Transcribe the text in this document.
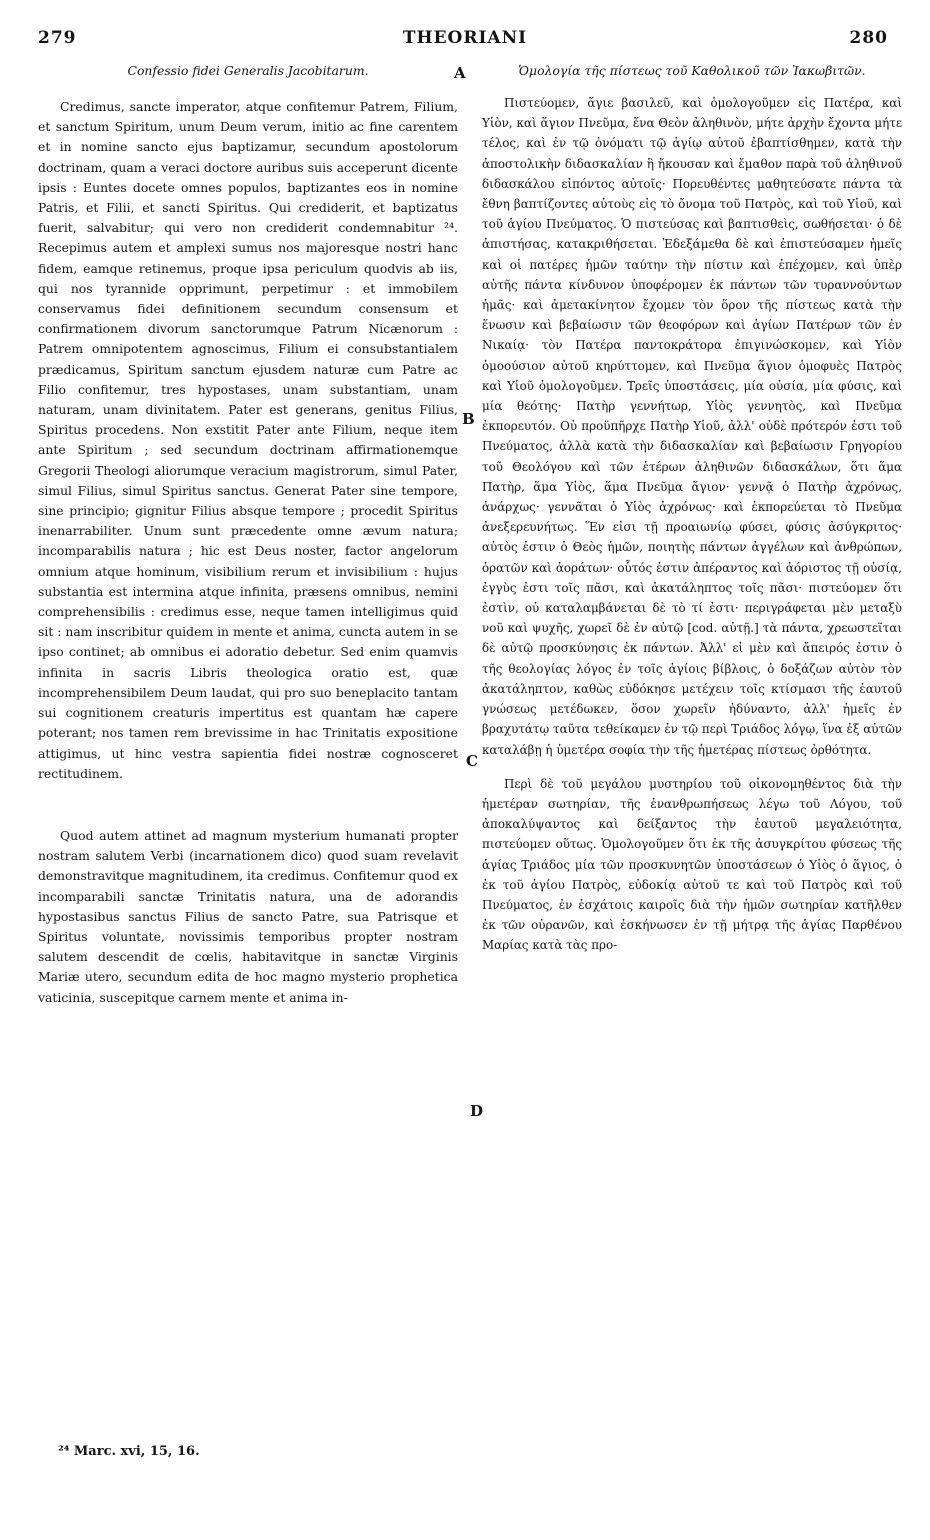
279	THEORIANI	280
Confessio fidei Generalis Jacobitarum.

Credimus, sancte imperator, atque confitemur Patrem, Filium, et sanctum Spiritum, unum Deum verum, initio ac fine carentem et in nomine sancto ejus baptizamur, secundum apostolorum doctrinam, quam a veraci doctore auribus suis acceperunt dicente ipsis : Euntes docete omnes populos, baptizantes eos in nomine Patris, et Filii, et sancti Spiritus. Qui crediderit, et baptizatus fuerit, salvabitur; qui vero non crediderit condemnabitur ²⁴. Recepimus autem et amplexi sumus nos majoresque nostri hanc fidem, eamque retinemus, proque ipsa periculum quodvis ab iis, qui nos tyrannide opprimunt, perpetimur : et immobilem conservamus fidei definitionem secundum consensum et confirmationem divorum sanctorumque Patrum Nicænorum : Patrem omnipotentem agnoscimus, Filium ei consubstantialem prædicamus, Spiritum sanctum ejusdem naturæ cum Patre ac Filio confitemur, tres hypostases, unam substantiam, unam naturam, unam divinitatem. Pater est generans, genitus Filius, Spiritus procedens. Non exstitit Pater ante Filium, neque item ante Spiritum ; sed secundum doctrinam affirmationemque Gregorii Theologi aliorumque veracium magistrorum, simul Pater, simul Filius, simul Spiritus sanctus. Generat Pater sine tempore, sine principio; gignitur Filius absque tempore ; procedit Spiritus inenarrabiliter. Unum sunt præcedente omne ævum natura; incomparabilis natura ; hic est Deus noster, factor angelorum omnium atque hominum, visibilium rerum et invisibilium : hujus substantia est interminа atque infinita, præsens omnibus, nemini comprehensibilis : credimus esse, neque tamen intelligimus quid sit : nam inscribitur quidem in mente et anima, cuncta autem in se ipso continet; ab omnibus ei adoratio debetur. Sed enim quamvis infinita in sacris Libris theologica oratio est, quæ incomprehensibilem Deum laudat, qui pro suo beneplacito tantam sui cognitionem creaturis impertitus est quantam hæ capere poterant; nos tamen rem brevissime in hac Trinitatis expositione attigimus, ut hinc vestra sapientia fidei nostræ cognosceret rectitudinem.

Quod autem attinet ad magnum mysterium humanati propter nostram salutem Verbi (incarnationem dico) quod suam revelavit demonstravitque magnitudinem, ita credimus. Confitemur quod ex incomparabili sanctæ Trinitatis natura, una de adorandis hypostasibus sanctus Filius de sancto Patre, sua Patrisque et Spiritus voluntate, novissimis temporibus propter nostram salutem descendit de cœlis, habitavitque in sanctæ Virginis Mariæ utero, secundum edita de hoc magno mysterio prophetica vaticinia, suscepitque carnem mente et anima in-

Ὁμολογία τῆς πίστεως τοῦ Καθολικοῦ τῶν Ἰακωβιτῶν.

Πιστεύομεν, ἅγιε βασιλεῦ, καὶ ὁμολογοῦμεν εἰς Πατέρα, καὶ Υἱὸν, καὶ ἅγιον Πνεῦμα, ἕνα Θεὸν ἀληθινὸν, μήτε ἀρχὴν ἔχοντα μήτε τέλος, καὶ ἐν τῷ ὀνόματι τῷ ἁγίῳ αὐτοῦ ἐβαπτίσθημεν, κατὰ τὴν ἀποστολικὴν διδασκαλίαν ἣ ἤκουσαν καὶ ἔμαθον παρὰ τοῦ ἀληθινοῦ διδασκάλου εἰπόντος αὐτοῖς· Πορευθέντες μαθητεύσατε πάντα τὰ ἔθνη βαπτίζοντες αὐτοὺς εἰς τὸ ὄνομα τοῦ Πατρὸς, καὶ τοῦ Υἱοῦ, καὶ τοῦ ἁγίου Πνεύματος. Ὁ πιστεύσας καὶ βαπτισθεὶς, σωθήσεται· ὁ δὲ ἀπιστήσας, κατακριθήσεται. Ἐδεξάμεθα δὲ καὶ ἐπιστεύσαμεν ἡμεῖς καὶ οἱ πατέρες ἡμῶν ταύτην τὴν πίστιν καὶ ἐπέχομεν, καὶ ὑπὲρ αὐτῆς πάντα κίνδυνον ὑποφέρομεν ἐκ πάντων τῶν τυραννούντων ἡμᾶς· καὶ ἀμετακίνητον ἔχομεν τὸν ὅρον τῆς πίστεως κατὰ τὴν ἕνωσιν καὶ βεβαίωσιν τῶν θεοφόρων καὶ ἁγίων Πατέρων τῶν ἐν Νικαίᾳ· τὸν Πατέρα παντοκράτορα ἐπιγινώσκομεν, καὶ Υἱὸν ὁμοούσιον αὐτοῦ κηρύττομεν, καὶ Πνεῦμα ἅγιον ὁμοφυὲς Πατρὸς καὶ Υἱοῦ ὁμολογοῦμεν. Τρεῖς ὑποστάσεις, μία οὐσία, μία φύσις, καὶ μία θεότης· Πατὴρ γεννήτωρ, Υἱὸς γεννητὸς, καὶ Πνεῦμα ἐκπορευτόν. Οὐ προϋπῆρχε Πατὴρ Υἱοῦ, ἀλλ' οὐδὲ πρότερόν ἐστι τοῦ Πνεύματος, ἀλλὰ κατὰ τὴν διδασκαλίαν καὶ βεβαίωσιν Γρηγορίου τοῦ Θεολόγου καὶ τῶν ἑτέρων ἀληθινῶν διδασκάλων, ὅτι ἅμα Πατὴρ, ἅμα Υἱὸς, ἅμα Πνεῦμα ἅγιον· γεννᾷ ὁ Πατὴρ ἀχρόνως, ἀνάρχως· γεννᾶται ὁ Υἱὸς ἀχρόνως· καὶ ἐκπορεύεται τὸ Πνεῦμα ἀνεξερευνήτως. Ἕν εἰσι τῇ προαιωνίῳ φύσει, φύσις ἀσύγκριτος· αὐτὸς ἐστιν ὁ Θεὸς ἡμῶν, ποιητὴς πάντων ἀγγέλων καὶ ἀνθρώπων, ὁρατῶν καὶ ἀοράτων· οὗτός ἐστιν ἀπέραντος καὶ ἀόριστος τῇ οὐσίᾳ, ἐγγὺς ἐστι τοῖς πᾶσι, καὶ ἀκατάληπτος τοῖς πᾶσι· πιστεύομεν ὅτι ἐστὶν, οὐ καταλαμβάνεται δὲ τὸ τί ἐστι· περιγράφεται μὲν μεταξὺ νοῦ καὶ ψυχῆς, χωρεῖ δὲ ἐν αὐτῷ [cod. αὐτῇ.] τὰ πάντα, χρεωστεῖται δὲ αὐτῷ προσκύνησις ἐκ πάντων. Ἀλλ' εἰ μὲν καὶ ἄπειρός ἐστιν ὁ τῆς θεολογίας λόγος ἐν τοῖς ἁγίοις βίβλοις, ὁ δοξάζων αὐτὸν τὸν ἀκατάληπτον, καθὼς εὐδόκησε μετέχειν τοῖς κτίσμασι τῆς ἑαυτοῦ γνώσεως μετέδωκεν, ὅσον χωρεῖν ἠδύναντο, ἀλλ' ἡμεῖς ἐν βραχυτάτῳ ταῦτα τεθείκαμεν ἐν τῷ περὶ Τριάδος λόγῳ, ἵνα ἐξ αὐτῶν καταλάβῃ ἡ ὑμετέρα σοφία τὴν τῆς ἡμετέρας πίστεως ὀρθότητα.

Περὶ δὲ τοῦ μεγάλου μυστηρίου τοῦ οἰκονομηθέντος διὰ τὴν ἡμετέραν σωτηρίαν, τῆς ἐνανθρωπήσεως λέγω τοῦ Λόγου, τοῦ ἀποκαλύψαντος καὶ δείξαντος τὴν ἑαυτοῦ μεγαλειότητα, πιστεύομεν οὕτως. Ὁμολογοῦμεν ὅτι ἐκ τῆς ἀσυγκρίτου φύσεως τῆς ἁγίας Τριάδος μία τῶν προσκυνητῶν ὑποστάσεων ὁ Υἱὸς ὁ ἅγιος, ὁ ἐκ τοῦ ἁγίου Πατρὸς, εὐδοκίᾳ αὐτοῦ τε καὶ τοῦ Πατρὸς καὶ τοῦ Πνεύματος, ἐν ἐσχάτοις καιροῖς διὰ τὴν ἡμῶν σωτηρίαν κατῆλθεν ἐκ τῶν οὐρανῶν, καὶ ἐσκήνωσεν ἐν τῇ μήτρᾳ τῆς ἁγίας Παρθένου Μαρίας κατὰ τὰς προ-

A
B
C
D
²⁴ Marc. xvi, 15, 16.
